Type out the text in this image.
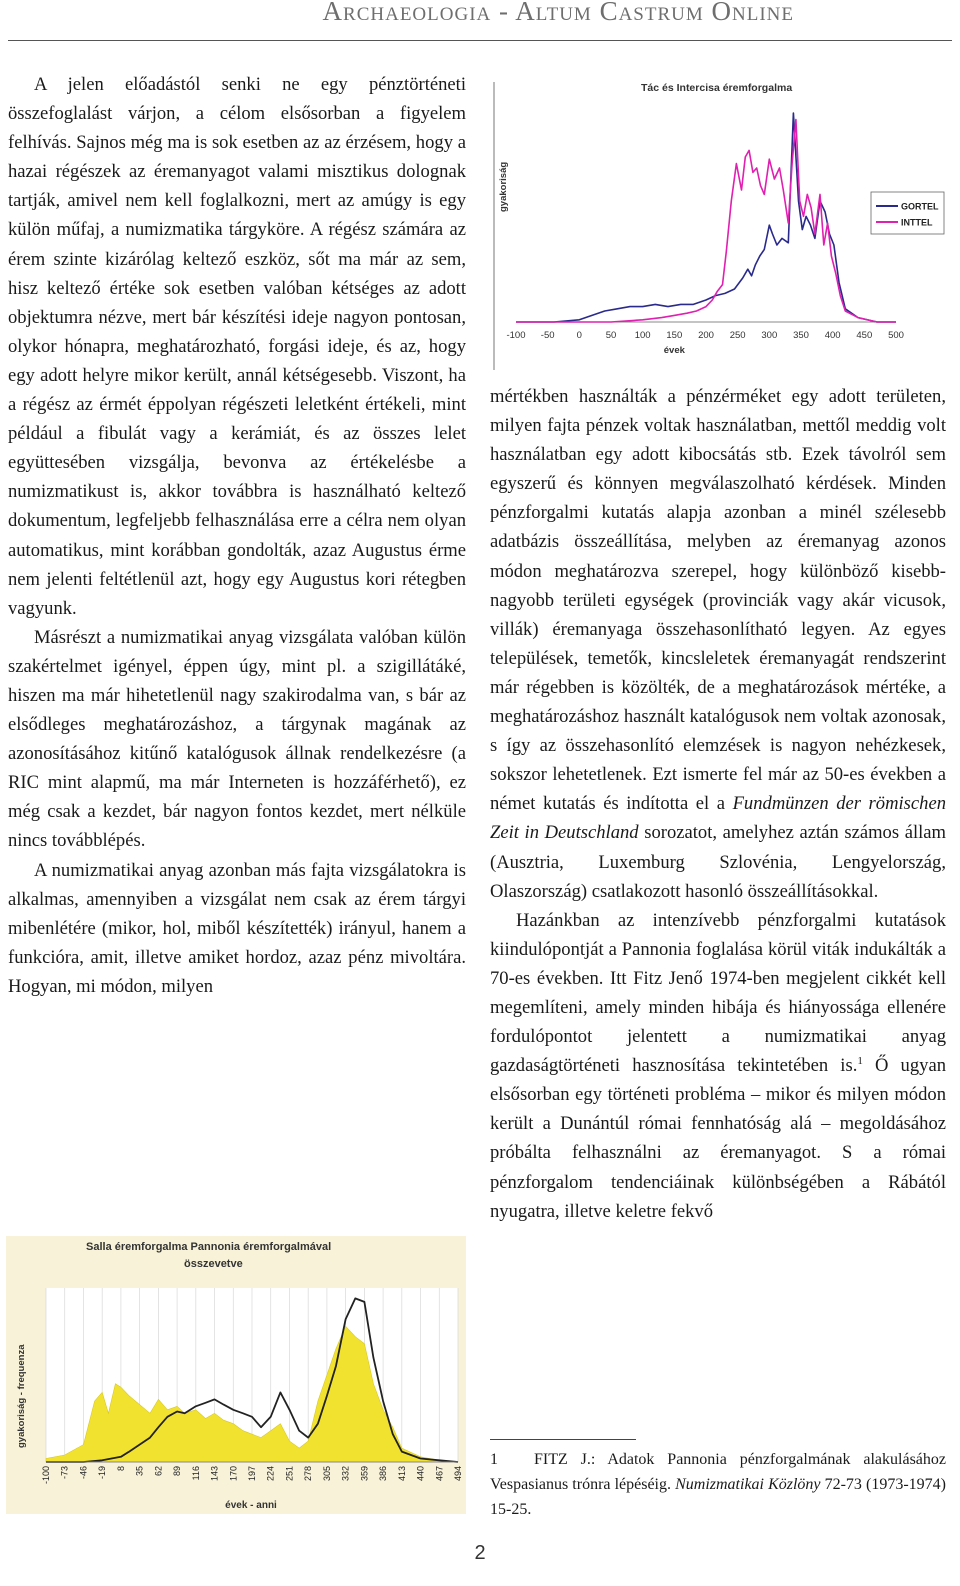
Archaeologia - Altum Castrum Online

A jelen előadástól senki ne egy pénztörténeti összefoglalást várjon, a célom elsősorban a figyelem felhívás. Sajnos még ma is sok esetben az az érzésem, hogy a hazai régészek az éremanyagot valami misztikus dolognak tartják, amivel nem kell foglalkozni, mert az amúgy is egy külön műfaj, a numizmatika tárgyköre. A régész számára az érem szinte kizárólag keltező eszköz, sőt ma már az sem, hisz keltező értéke sok esetben valóban kétséges az adott objektumra nézve, mert bár készítési ideje nagyon pontosan, olykor hónapra, meghatározható, forgási ideje, és az, hogy egy adott helyre mikor került, annál kétségesebb. Viszont, ha a régész az érmét éppolyan régészeti leletként értékeli, mint például a fibulát vagy a kerámiát, és az összes lelet együttesében vizsgálja, bevonva az értékelésbe a numizmatikust is, akkor továbbra is használható keltező dokumentum, legfeljebb felhasználása erre a célra nem olyan automatikus, mint korábban gondolták, azaz Augustus érme nem jelenti feltétlenül azt, hogy egy Augustus kori rétegben vagyunk.

Másrészt a numizmatikai anyag vizsgálata valóban külön szakértelmet igényel, éppen úgy, mint pl. a szigillátáké, hiszen ma már hihetetlenül nagy szakirodalma van, s bár az elsődleges meghatározáshoz, a tárgynak magának az azonosításához kitűnő katalógusok állnak rendelkezésre (a RIC mint alapmű, ma már Interneten is hozzáférhető), ez még csak a kezdet, bár nagyon fontos kezdet, mert nélküle nincs továbblépés.

A numizmatikai anyag azonban más fajta vizsgálatokra is alkalmas, amennyiben a vizsgálat nem csak az érem tárgyi mibenlétére (mikor, hol, miből készítették) irányul, hanem a funkcióra, amit, illetve amiket hordoz, azaz pénz mivoltára. Hogyan, mi módon, milyen

Tác és Intercisa éremforgalma
-100 -50 0 50 100 150 200 250 300 350 400 450 500
évek
gyakoriság	GORTEL
INTTEL

mértékben használták a pénzérméket egy adott területen, milyen fajta pénzek voltak használatban, mettől meddig volt használatban egy adott kibocsátás stb. Ezek távolról sem egyszerű és könnyen megválaszolható kérdések. Minden pénzforgalmi kutatás alapja azonban a minél szélesebb adatbázis összeállítása, melyben az éremanyag azonos módon meghatározva szerepel, hogy különböző kisebb-nagyobb területi egységek (provinciák vagy akár vicusok, villák) éremanyaga összehasonlítható legyen. Az egyes települések, temetők, kincsleletek éremanyagát rendszerint már régebben is közölték, de a meghatározások mértéke, a meghatározáshoz használt katalógusok nem voltak azonosak, s így az összehasonlító elemzések is nagyon nehézkesek, sokszor lehetetlenek. Ezt ismerte fel már az 50-es években a német kutatás és indította el a Fundmünzen der römischen Zeit in Deutschland sorozatot, amelyhez aztán számos állam (Ausztria, Luxemburg Szlovénia, Lengyelország, Olaszország) csatlakozott hasonló összeállításokkal.

Hazánkban az intenzívebb pénzforgalmi kutatások kiindulópontját a Pannonia foglalása körül viták indukálták a 70-es években. Itt Fitz Jenő 1974-ben megjelent cikkét kell megemlíteni, amely minden hibája és hiányossága ellenére fordulópontot jelentett a numizmatikai anyag gazdaságtörténeti hasznosítása tekintetében is.$^1$ Ő ugyan elsősorban egy történeti probléma – mikor és milyen módon került a Dunántúl római fennhatóság alá – megoldásához próbálta felhasználni az éremanyagot. S a római pénzforgalom tendenciáinak különbségében a Rábától nyugatra, illetve keletre fekvő

1 FITZ J.: Adatok Pannonia pénzforgalmának alakulásához Vespasianus trónra lépéséig. Numizmatikai Közlöny 72-73 (1973-1974) 15-25.
Salla éremforgalma Pannonia éremforgalmával
összevetve
-100 -73 -46 -19 8 35 62 89 116 143 170 197 224 251 278 305 332 359 386 413 440 467 494
évek - anni
gyakoriság - frequenza
2
